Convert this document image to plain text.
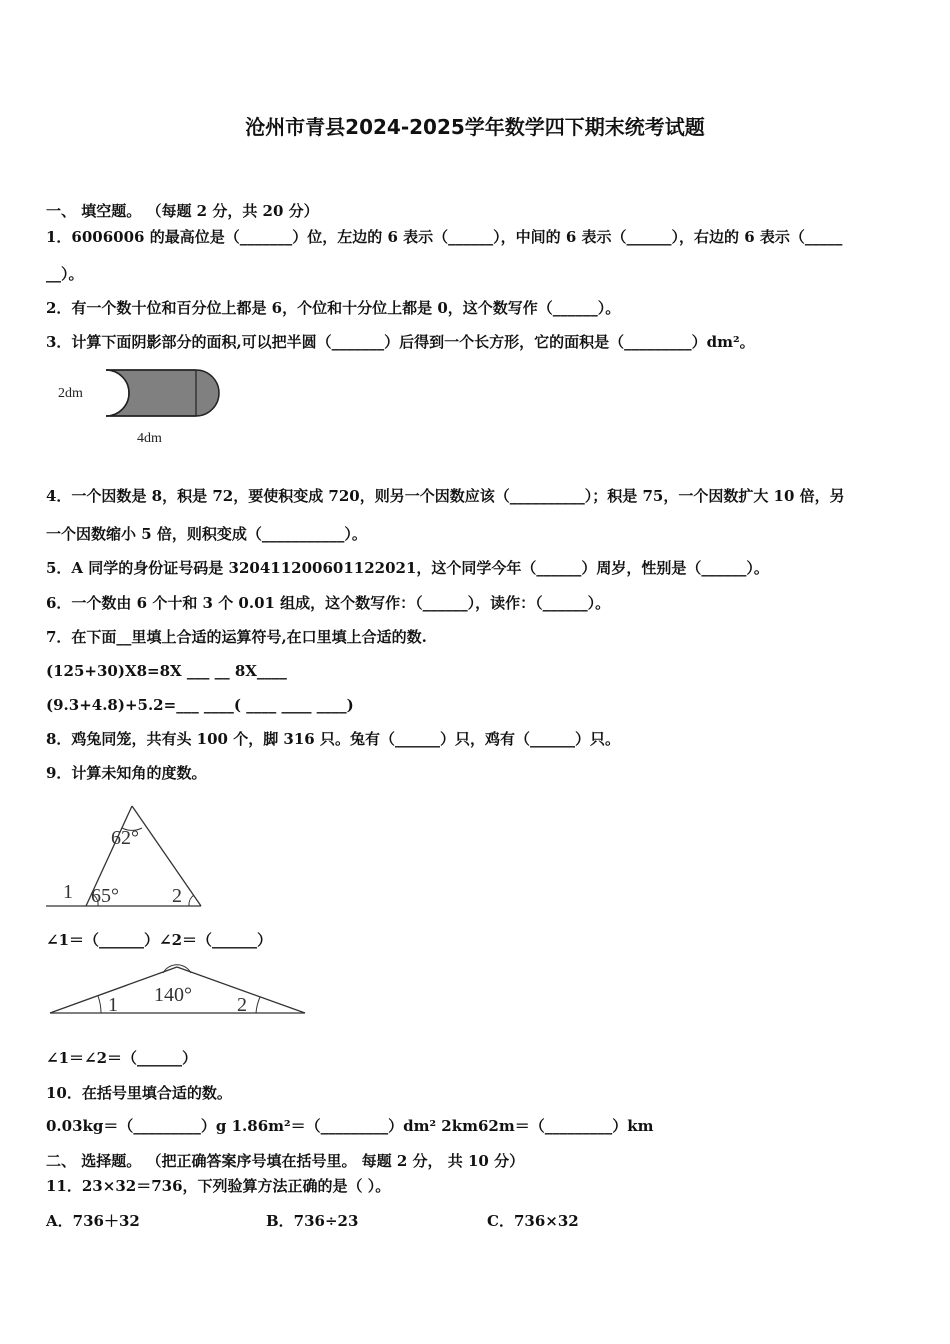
沧州市青县2024-2025学年数学四下期末统考试题
一、 填空题。 （每题 2 分，共 20 分）
1．6006006 的最高位是（_______）位，左边的 6 表示（______），中间的 6 表示（______），右边的 6 表示（_____
__）。
2．有一个数十位和百分位上都是 6，个位和十分位上都是 0，这个数写作（______）。
3．计算下面阴影部分的面积,可以把半圆（_______）后得到一个长方形，它的面积是（_________）dm²。
2dm
4dm
4．一个因数是 8，积是 72，要使积变成 720，则另一个因数应该（__________）；积是 75，一个因数扩大 10 倍，另
一个因数缩小 5 倍，则积变成（___________）。
5．A 同学的身份证号码是 320411200601122021，这个同学今年（______）周岁，性别是（______）。
6．一个数由 6 个十和 3 个 0.01 组成，这个数写作：（______），读作：（______）。
7．在下面__里填上合适的运算符号,在口里填上合适的数.
(125+30)X8=8X ___ __ 8X____
(9.3+4.8)+5.2=___ ____( ____ ____ ____)
8．鸡兔同笼，共有头 100 个，脚 316 只。兔有（______）只，鸡有（______）只。
9．计算未知角的度数。
62°
65°
1	2
∠1＝（______）∠2＝（______）
140°
1	2
∠1＝∠2＝（______）
10．在括号里填合适的数。
0.03kg＝（_________）g 1.86m²＝（_________）dm² 2km62m＝（_________）km
二、 选择题。 （把正确答案序号填在括号里。 每题 2 分， 共 10 分）
11．23×32＝736，下列验算方法正确的是（ ）。
A．736＋32	B．736÷23	C．736×32
